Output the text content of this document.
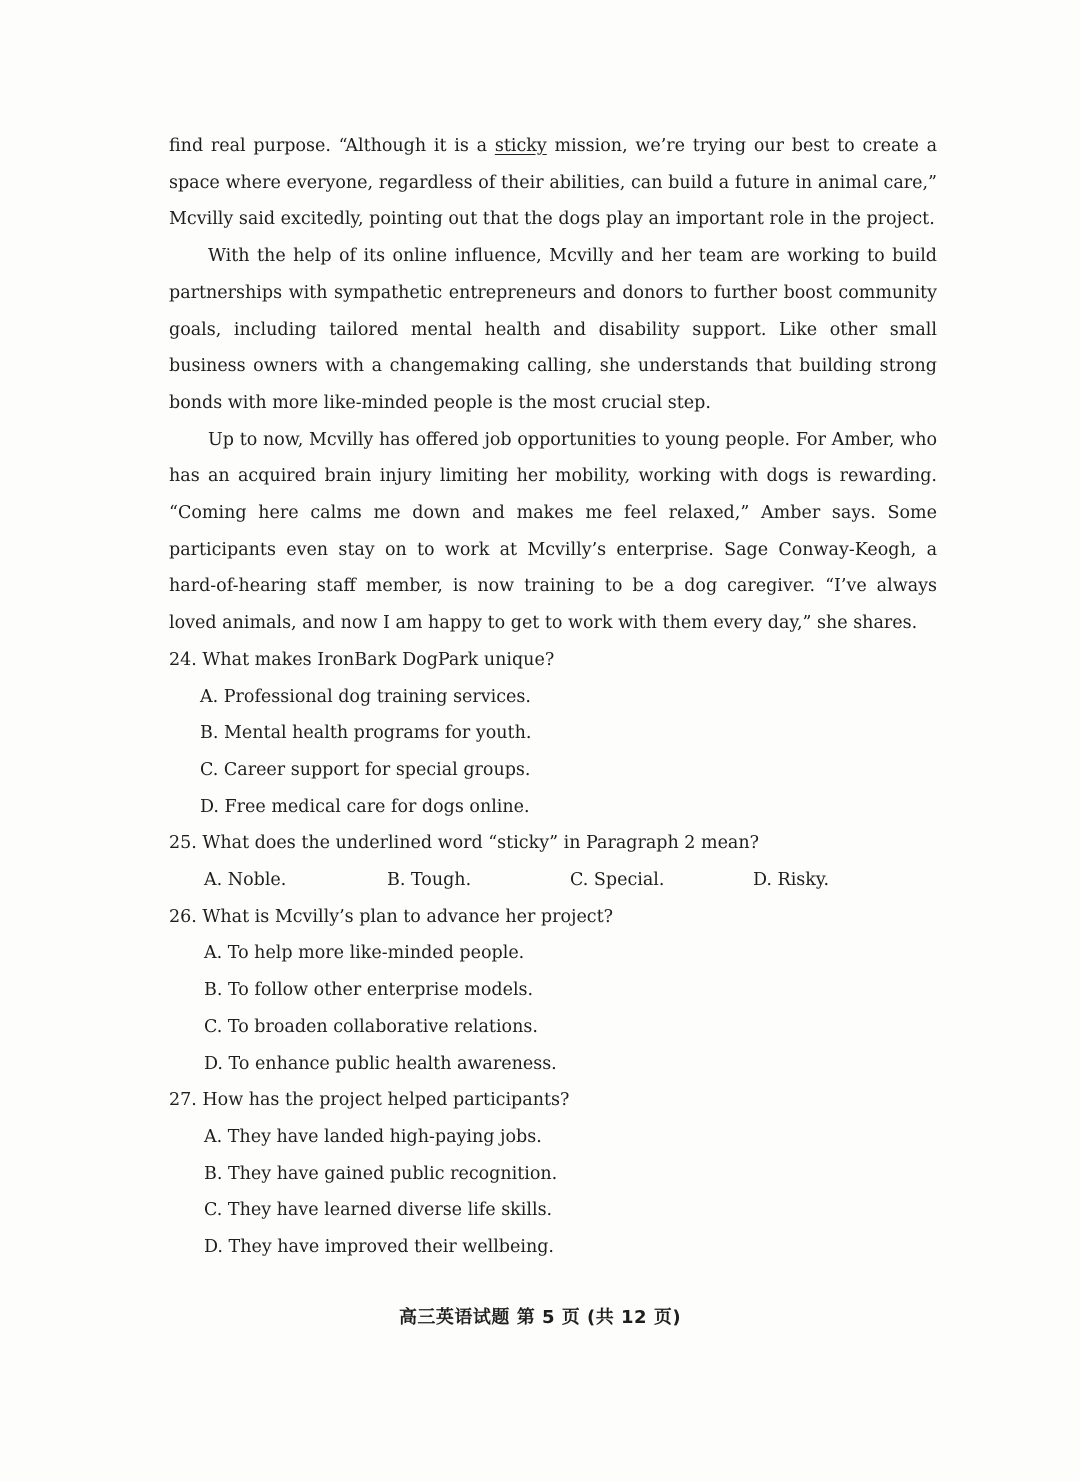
find real purpose. “Although it is a sticky mission, we’re trying our best to create a space where everyone, regardless of their abilities, can build a future in animal care,” Mcvilly said excitedly, pointing out that the dogs play an important role in the project.

With the help of its online influence, Mcvilly and her team are working to build partnerships with sympathetic entrepreneurs and donors to further boost community goals, including tailored mental health and disability support. Like other small business owners with a changemaking calling, she understands that building strong bonds with more like-minded people is the most crucial step.

Up to now, Mcvilly has offered job opportunities to young people. For Amber, who has an acquired brain injury limiting her mobility, working with dogs is rewarding. “Coming here calms me down and makes me feel relaxed,” Amber says. Some participants even stay on to work at Mcvilly’s enterprise. Sage Conway-Keogh, a hard-of-hearing staff member, is now training to be a dog caregiver. “I’ve always loved animals, and now I am happy to get to work with them every day,” she shares.

24. What makes IronBark DogPark unique?

A. Professional dog training services.

B. Mental health programs for youth.

C. Career support for special groups.

D. Free medical care for dogs online.

25. What does the underlined word “sticky” in Paragraph 2 mean?

A. Noble.	B. Tough.	C. Special.	D. Risky.

26. What is Mcvilly’s plan to advance her project?

A. To help more like-minded people.

B. To follow other enterprise models.

C. To broaden collaborative relations.

D. To enhance public health awareness.

27. How has the project helped participants?

A. They have landed high-paying jobs.

B. They have gained public recognition.

C. They have learned diverse life skills.

D. They have improved their wellbeing.

高三英语试题 第 5 页 (共 12 页)
